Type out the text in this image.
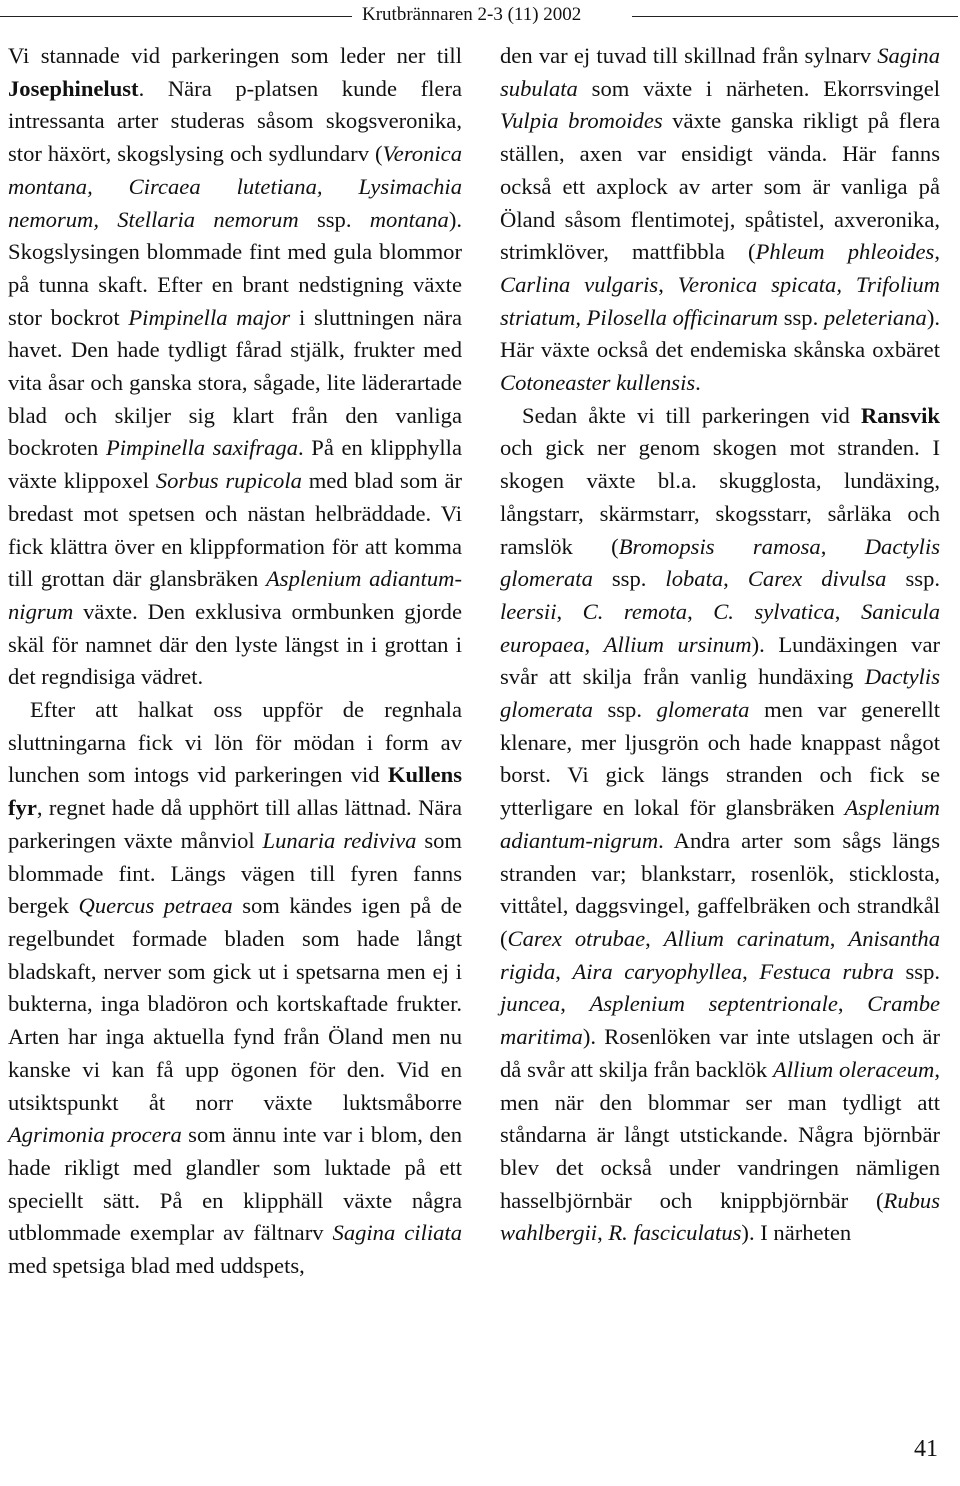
Krutbrännaren 2-3 (11) 2002

Vi stannade vid parkeringen som leder ner till Josephinelust. Nära p-platsen kunde flera intressanta arter studeras såsom skogsveronika, stor häxört, skogslysing och sydlundarv (Veronica montana, Circaea lutetiana, Lysimachia nemorum, Stellaria nemorum ssp. montana). Skogslysingen blommade fint med gula blommor på tunna skaft. Efter en brant nedstigning växte stor bockrot Pimpinella major i sluttningen nära havet. Den hade tydligt fårad stjälk, frukter med vita åsar och ganska stora, sågade, lite läderartade blad och skiljer sig klart från den vanliga bockroten Pimpinella saxifraga. På en klipphylla växte klippoxel Sorbus rupicola med blad som är bredast mot spetsen och nästan helbräddade. Vi fick klättra över en klippformation för att komma till grottan där glansbräken Asplenium adiantum-nigrum växte. Den exklusiva ormbunken gjorde skäl för namnet där den lyste längst in i grottan i det regndisiga vädret.

Efter att halkat oss uppför de regnhala sluttningarna fick vi lön för mödan i form av lunchen som intogs vid parkeringen vid Kullens fyr, regnet hade då upphört till allas lättnad. Nära parkeringen växte månviol Lunaria rediviva som blommade fint. Längs vägen till fyren fanns bergek Quercus petraea som kändes igen på de regelbundet formade bladen som hade långt bladskaft, nerver som gick ut i spetsarna men ej i bukterna, inga bladöron och kortskaftade frukter. Arten har inga aktuella fynd från Öland men nu kanske vi kan få upp ögonen för den. Vid en utsiktspunkt åt norr växte luktsmåborre Agrimonia procera som ännu inte var i blom, den hade rikligt med glandler som luktade på ett speciellt sätt. På en klipphäll växte några utblommade exemplar av fältnarv Sagina ciliata med spetsiga blad med uddspets,

den var ej tuvad till skillnad från sylnarv Sagina subulata som växte i närheten. Ekorrsvingel Vulpia bromoides växte ganska rikligt på flera ställen, axen var ensidigt vända. Här fanns också ett axplock av arter som är vanliga på Öland såsom flentimotej, spåtistel, axveronika, strimklöver, mattfibbla (Phleum phleoides, Carlina vulgaris, Veronica spicata, Trifolium striatum, Pilosella officinarum ssp. peleteriana). Här växte också det endemiska skånska oxbäret Cotoneaster kullensis.

Sedan åkte vi till parkeringen vid Ransvik och gick ner genom skogen mot stranden. I skogen växte bl.a. skugglosta, lundäxing, långstarr, skärmstarr, skogsstarr, sårläka och ramslök (Bromopsis ramosa, Dactylis glomerata ssp. lobata, Carex divulsa ssp. leersii, C. remota, C. sylvatica, Sanicula europaea, Allium ursinum). Lundäxingen var svår att skilja från vanlig hundäxing Dactylis glomerata ssp. glomerata men var generellt klenare, mer ljusgrön och hade knappast något borst. Vi gick längs stranden och fick se ytterligare en lokal för glansbräken Asplenium adiantum-nigrum. Andra arter som sågs längs stranden var; blankstarr, rosenlök, sticklosta, vittåtel, daggsvingel, gaffelbräken och strandkål (Carex otrubae, Allium carinatum, Anisantha rigida, Aira caryophyllea, Festuca rubra ssp. juncea, Asplenium septentrionale, Crambe maritima). Rosenlöken var inte utslagen och är då svår att skilja från backlök Allium oleraceum, men när den blommar ser man tydligt att ståndarna är långt utstickande. Några björnbär blev det också under vandringen nämligen hasselbjörnbär och knippbjörnbär (Rubus wahlbergii, R. fasciculatus). I närheten

41
